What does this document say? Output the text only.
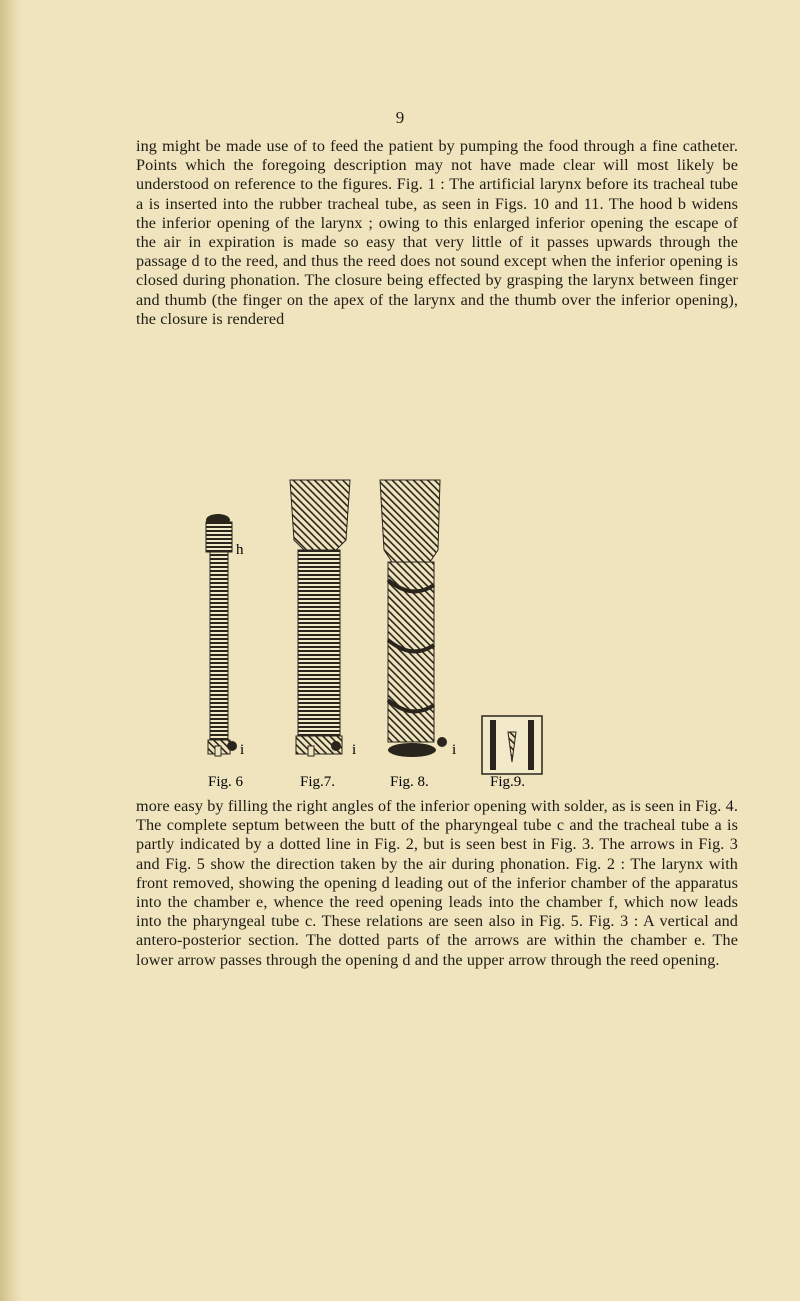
9

ing might be made use of to feed the patient by pumping the food through a fine catheter. Points which the foregoing description may not have made clear will most likely be understood on reference to the figures. Fig. 1 : The artificial larynx before its tracheal tube a is inserted into the rubber tracheal tube, as seen in Figs. 10 and 11. The hood b widens the inferior opening of the larynx ; owing to this enlarged inferior opening the escape of the air in expiration is made so easy that very little of it passes upwards through the passage d to the reed, and thus the reed does not sound except when the inferior opening is closed during phonation. The closure being effected by grasping the larynx between finger and thumb (the finger on the apex of the larynx and the thumb over the inferior opening), the closure is rendered

h
i
Fig. 6
i
Fig.7.
i
Fig. 8.	Fig.9.

more easy by filling the right angles of the inferior opening with solder, as is seen in Fig. 4. The complete septum between the butt of the pharyngeal tube c and the tracheal tube a is partly indicated by a dotted line in Fig. 2, but is seen best in Fig. 3. The arrows in Fig. 3 and Fig. 5 show the direction taken by the air during phonation. Fig. 2 : The larynx with front removed, showing the opening d leading out of the inferior chamber of the apparatus into the chamber e, whence the reed opening leads into the chamber f, which now leads into the pharyngeal tube c. These relations are seen also in Fig. 5. Fig. 3 : A vertical and antero-posterior section. The dotted parts of the arrows are within the chamber e. The lower arrow passes through the opening d and the upper arrow through the reed opening.
